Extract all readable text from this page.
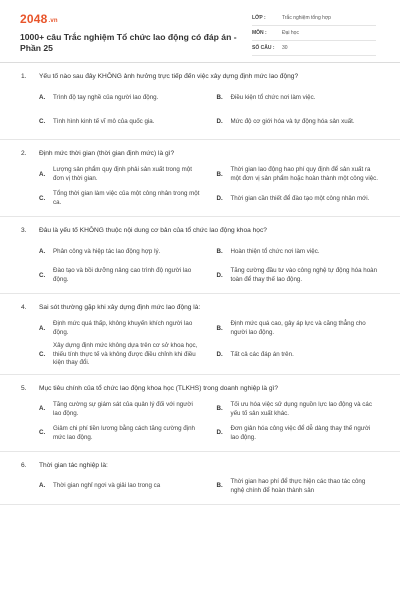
2048.vn
1000+ câu Trắc nghiệm Tổ chức lao động có đáp án - Phần 25
LỚP :	Trắc nghiệm tổng hợp
MÔN :	Đại học
SỐ CÂU :	30
1.	Yếu tố nào sau đây KHÔNG ảnh hưởng trực tiếp đến việc xây dựng định mức lao động?
A.	Trình độ tay nghề của người lao động.	B.	Điều kiện tổ chức nơi làm việc.
C.	Tình hình kinh tế vĩ mô của quốc gia.	D.	Mức độ cơ giới hóa và tự động hóa sản xuất.
2.	Định mức thời gian (thời gian định mức) là gì?
A.
Lượng sản phẩm quy định phải sản xuất trong một đơn vị thời gian.
B.
Thời gian lao động hao phí quy định để sản xuất ra một đơn vị sản phẩm hoặc hoàn thành một công việc.
C.
Tổng thời gian làm việc của một công nhân trong một ca.
D.	Thời gian cần thiết để đào tạo một công nhân mới.
3.	Đâu là yếu tố KHÔNG thuộc nội dung cơ bản của tổ chức lao động khoa học?
A.	Phân công và hiệp tác lao động hợp lý.	B.	Hoàn thiện tổ chức nơi làm việc.
C.
Đào tạo và bồi dưỡng nâng cao trình độ người lao động.
D.
Tăng cường đầu tư vào công nghệ tự động hóa hoàn toàn để thay thế lao động.
4.	Sai sót thường gặp khi xây dựng định mức lao động là:
A.
Định mức quá thấp, không khuyến khích người lao động.
B.
Định mức quá cao, gây áp lực và căng thẳng cho người lao động.
C.
Xây dựng định mức không dựa trên cơ sở khoa học, thiếu tính thực tế và không được điều chỉnh khi điều kiện thay đổi.
D.	Tất cả các đáp án trên.
5.	Mục tiêu chính của tổ chức lao động khoa học (TLKHS) trong doanh nghiệp là gì?
A.
Tăng cường sự giám sát của quản lý đối với người lao động.
B.
Tối ưu hóa việc sử dụng nguồn lực lao động và các yếu tố sản xuất khác.
C.
Giảm chi phí tiền lương bằng cách tăng cường định mức lao động.
D.
Đơn giản hóa công việc để dễ dàng thay thế người lao động.
6.	Thời gian tác nghiệp là:
A.	Thời gian nghỉ ngơi và giải lao trong ca	B.
Thời gian hao phí để thực hiện các thao tác công nghệ chính để hoàn thành sản
